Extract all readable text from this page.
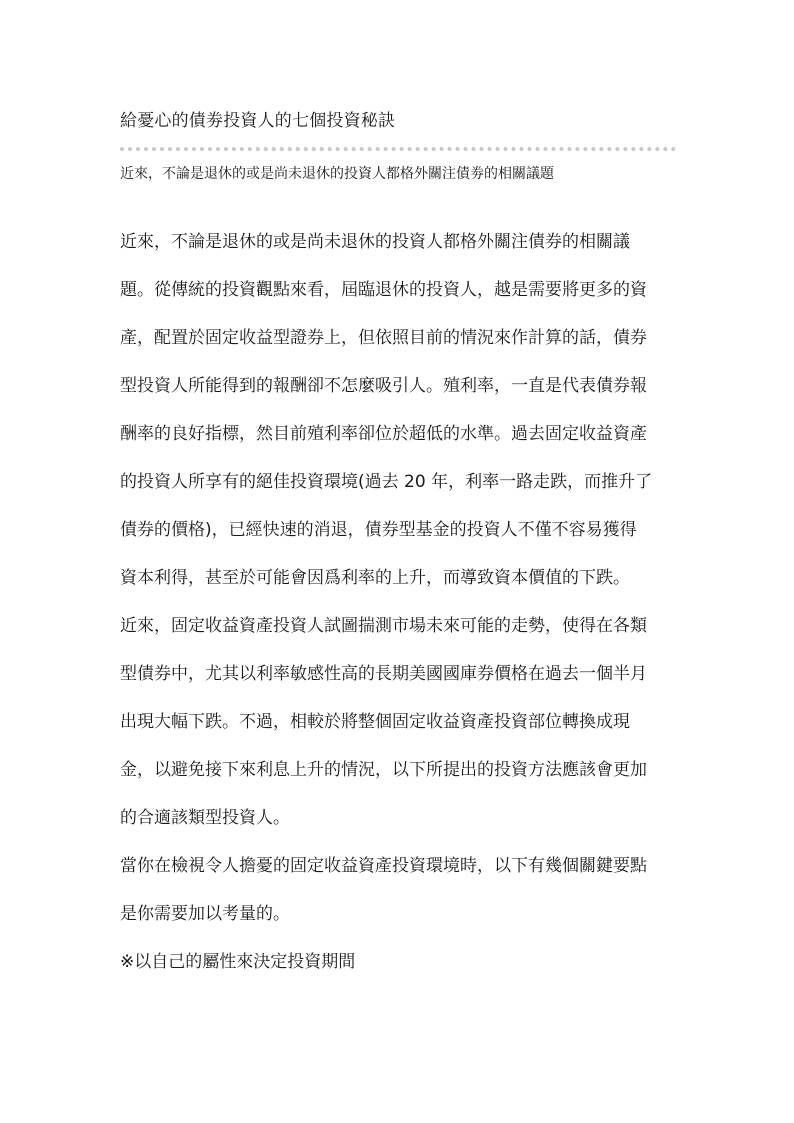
給憂心的債劵投資人的七個投資秘訣
近來，不論是退休的或是尚未退休的投資人都格外關注債劵的相關議題
近來，不論是退休的或是尚未退休的投資人都格外關注債券的相關議
題。從傳統的投資觀點來看，屆臨退休的投資人，越是需要將更多的資
產，配置於固定收益型證券上，但依照目前的情況來作計算的話，債券
型投資人所能得到的報酬卻不怎麼吸引人。殖利率，一直是代表債券報
酬率的良好指標，然目前殖利率卻位於超低的水準。過去固定收益資產
的投資人所享有的絕佳投資環境(過去 20 年，利率一路走跌，而推升了
債券的價格)，已經快速的消退，債券型基金的投資人不僅不容易獲得
資本利得，甚至於可能會因爲利率的上升，而導致資本價值的下跌。
近來，固定收益資產投資人試圖揣測市場未來可能的走勢，使得在各類
型債券中，尤其以利率敏感性高的長期美國國庫券價格在過去一個半月
出現大幅下跌。不過，相較於將整個固定收益資產投資部位轉換成現
金，以避免接下來利息上升的情況，以下所提出的投資方法應該會更加
的合適該類型投資人。
當你在檢視令人擔憂的固定收益資產投資環境時，以下有幾個關鍵要點
是你需要加以考量的。
※以自己的屬性來決定投資期間
